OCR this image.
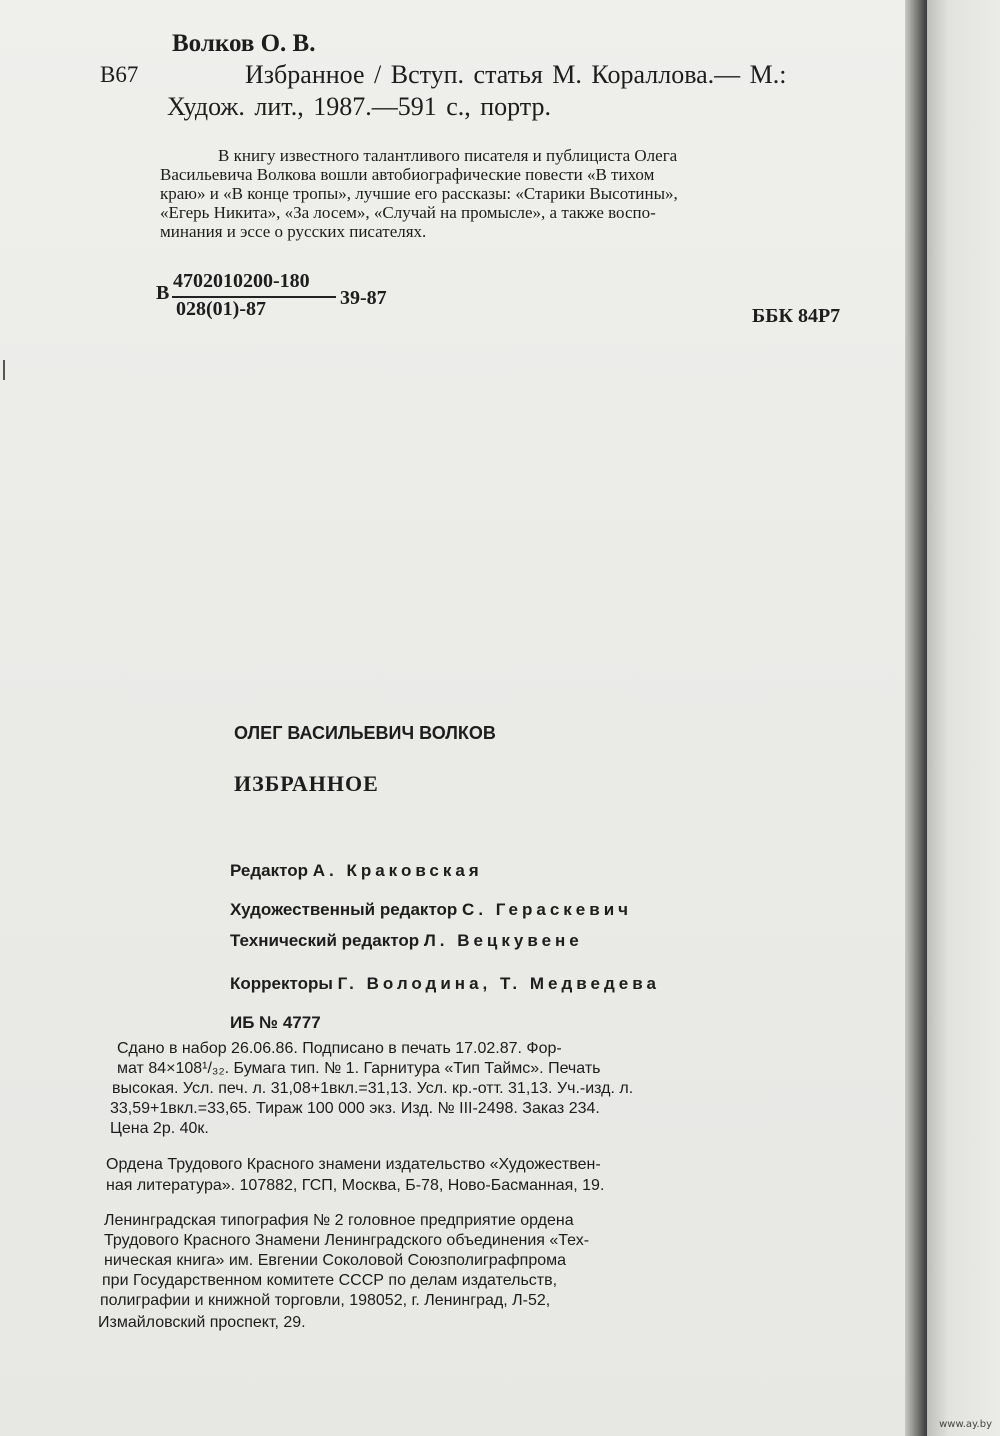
Волков О. В.
В67	Избранное / Вступ. статья М. Кораллова.— М.:
Худож. лит., 1987.—591 с., портр.
В книгу известного талантливого писателя и публициста Олега
Васильевича Волкова вошли автобиографические повести «В тихом
краю» и «В конце тропы», лучшие его рассказы: «Старики Высотины»,
«Егерь Никита», «За лосем», «Случай на промысле», а также воспо-
минания и эссе о русских писателях.
В
4702010200-180
028(01)-87	39-87
ББК 84Р7
ОЛЕГ ВАСИЛЬЕВИЧ ВОЛКОВ
ИЗБРАННОЕ
Редактор А. Краковская
Художественный редактор С. Гераскевич
Технический редактор Л. Вецкувене
Корректоры Г. Володина, Т. Медведева
ИБ № 4777
Сдано в набор 26.06.86. Подписано в печать 17.02.87. Фор-
мат 84×108¹/₃₂. Бумага тип. № 1. Гарнитура «Тип Таймс». Печать
высокая. Усл. печ. л. 31,08+1вкл.=31,13. Усл. кр.-отт. 31,13. Уч.-изд. л.
33,59+1вкл.=33,65. Тираж 100 000 экз. Изд. № III-2498. Заказ 234.
Цена 2р. 40к.
Ордена Трудового Красного знамени издательство «Художествен-
ная литература». 107882, ГСП, Москва, Б-78, Ново-Басманная, 19.
Ленинградская типография № 2 головное предприятие ордена
Трудового Красного Знамени Ленинградского объединения «Тех-
ническая книга» им. Евгении Соколовой Союзполиграфпрома
при Государственном комитете СССР по делам издательств,
полиграфии и книжной торговли, 198052, г. Ленинград, Л-52,
Измайловский проспект, 29.
www.ay.by
